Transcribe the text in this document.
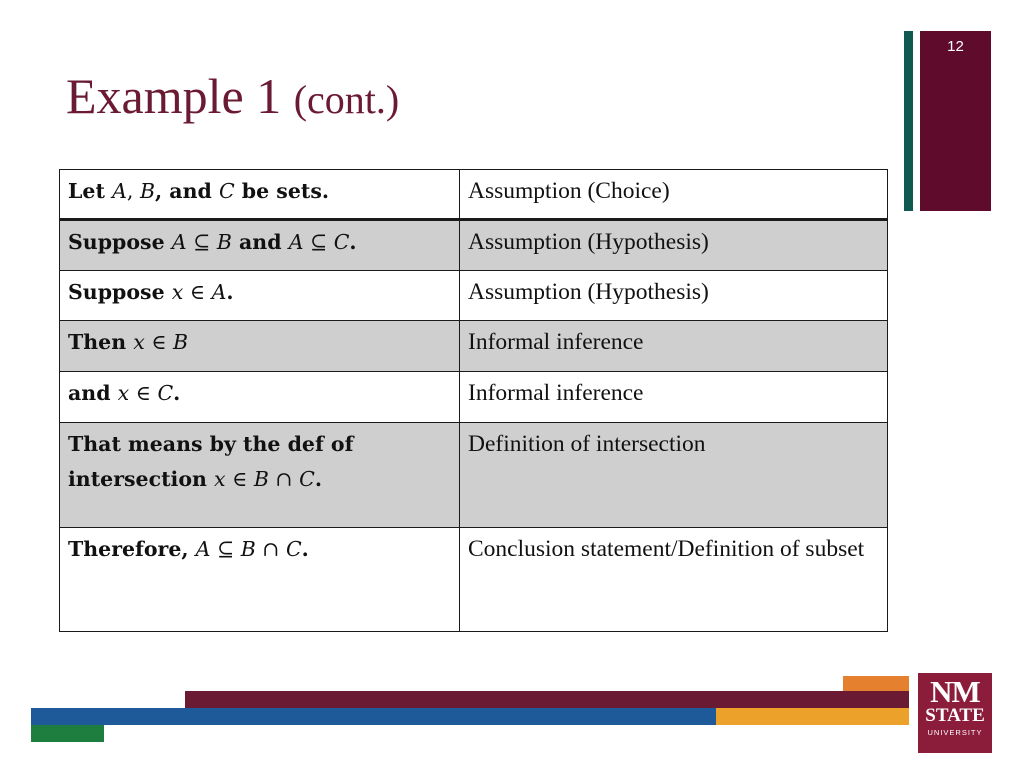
12
Example 1 (cont.)
Let A, B, and C be sets.	Assumption (Choice)
Suppose A ⊆ B and A ⊆ C.	Assumption (Hypothesis)
Suppose x ∈ A.	Assumption (Hypothesis)
Then x ∈ B	Informal inference
and x ∈ C.	Informal inference
That means by the def of intersection x ∈ B ∩ C.	Definition of intersection
Therefore, A ⊆ B ∩ C.	Conclusion statement/Definition of subset
NM
STATE
UNIVERSITY
